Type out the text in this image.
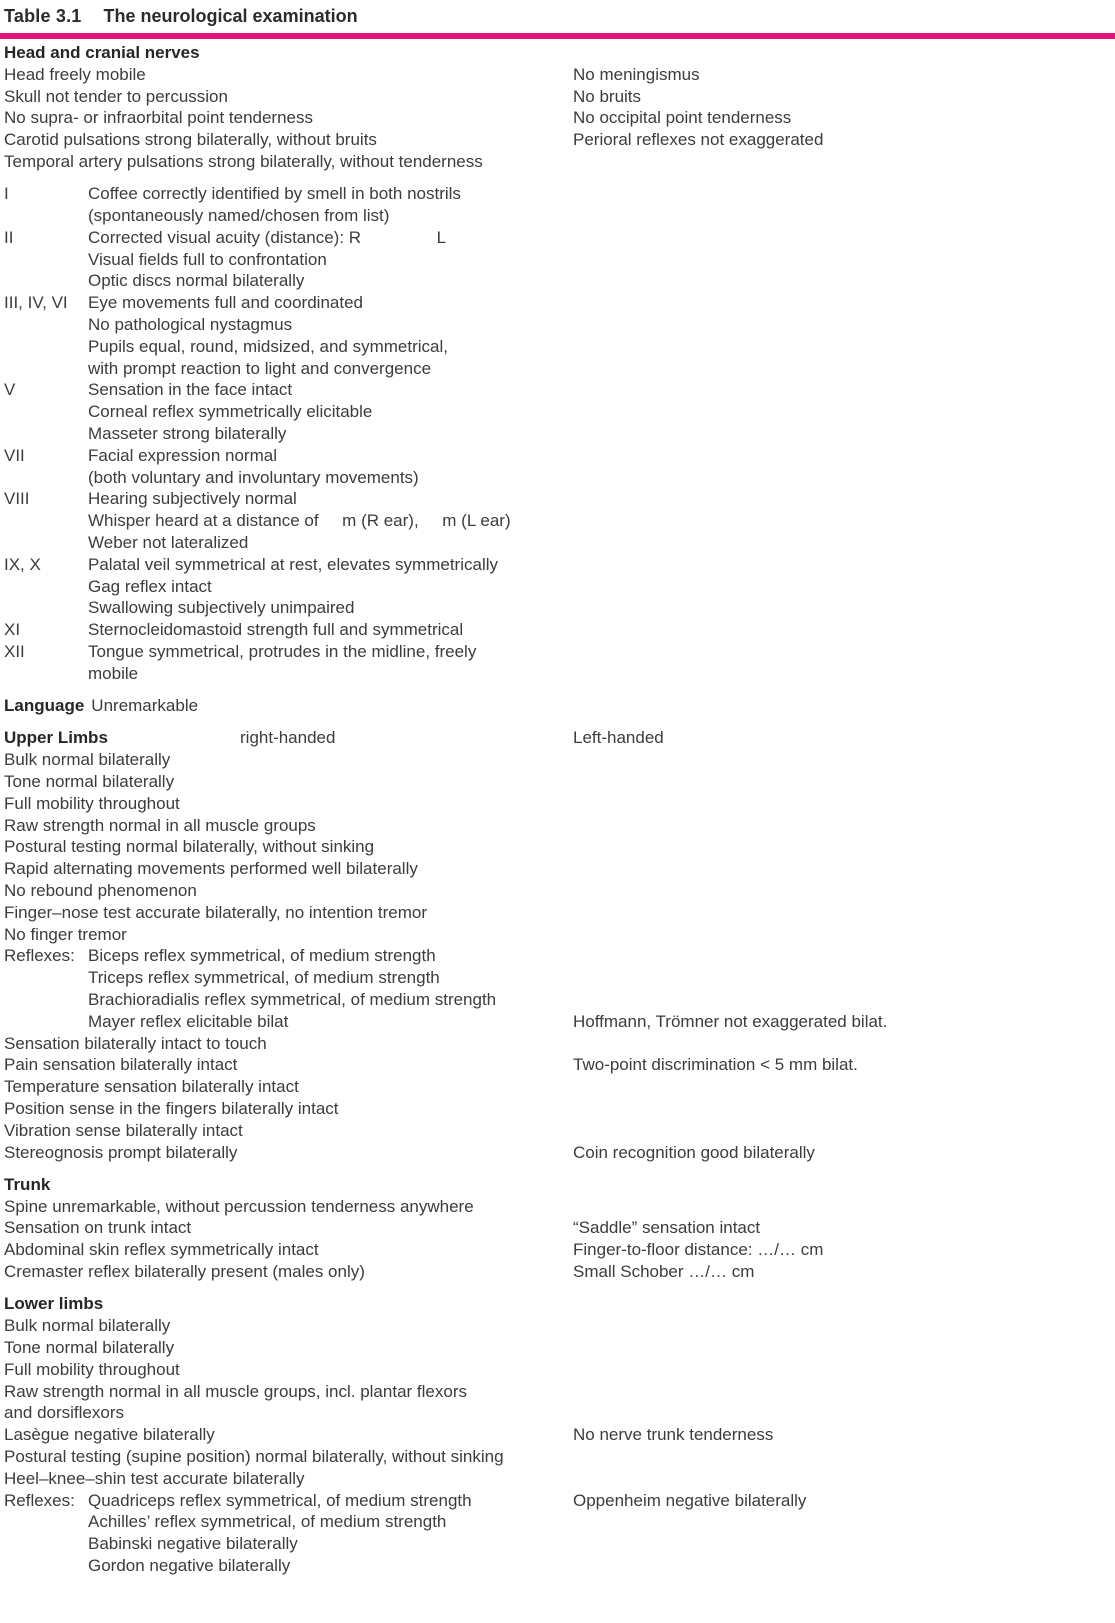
Table 3.1 The neurological examination
Head and cranial nerves
Head freely mobile	No meningismus
Skull not tender to percussion	No bruits
No supra- or infraorbital point tenderness	No occipital point tenderness
Carotid pulsations strong bilaterally, without bruits	Perioral reflexes not exaggerated
Temporal artery pulsations strong bilaterally, without tenderness
I	Coffee correctly identified by smell in both nostrils
(spontaneously named/chosen from list)
II	Corrected visual acuity (distance): R                L
Visual fields full to confrontation
Optic discs normal bilaterally
III, IV, VI Eye movements full and coordinated
No pathological nystagmus
Pupils equal, round, midsized, and symmetrical,
with prompt reaction to light and convergence
V	Sensation in the face intact
Corneal reflex symmetrically elicitable
Masseter strong bilaterally
VII	Facial expression normal
(both voluntary and involuntary movements)
VIII	Hearing subjectively normal
Whisper heard at a distance of     m (R ear),     m (L ear)
Weber not lateralized
IX, X	Palatal veil symmetrical at rest, elevates symmetrically
Gag reflex intact
Swallowing subjectively unimpaired
XI	Sternocleidomastoid strength full and symmetrical
XII	Tongue symmetrical, protrudes in the midline, freely
mobile
Language Unremarkable
Upper Limbs	right-handed	Left-handed
Bulk normal bilaterally
Tone normal bilaterally
Full mobility throughout
Raw strength normal in all muscle groups
Postural testing normal bilaterally, without sinking
Rapid alternating movements performed well bilaterally
No rebound phenomenon
Finger–nose test accurate bilaterally, no intention tremor
No finger tremor
Reflexes: Biceps reflex symmetrical, of medium strength
Triceps reflex symmetrical, of medium strength
Brachioradialis reflex symmetrical, of medium strength
Mayer reflex elicitable bilat	Hoffmann, Trömner not exaggerated bilat.
Sensation bilaterally intact to touch
Pain sensation bilaterally intact	Two-point discrimination < 5 mm bilat.
Temperature sensation bilaterally intact
Position sense in the fingers bilaterally intact
Vibration sense bilaterally intact
Stereognosis prompt bilaterally	Coin recognition good bilaterally
Trunk
Spine unremarkable, without percussion tenderness anywhere
Sensation on trunk intact	“Saddle” sensation intact
Abdominal skin reflex symmetrically intact	Finger-to-floor distance: …/… cm
Cremaster reflex bilaterally present (males only)	Small Schober …/… cm
Lower limbs
Bulk normal bilaterally
Tone normal bilaterally
Full mobility throughout
Raw strength normal in all muscle groups, incl. plantar flexors
and dorsiflexors
Lasègue negative bilaterally	No nerve trunk tenderness
Postural testing (supine position) normal bilaterally, without sinking
Heel–knee–shin test accurate bilaterally
Reflexes: Quadriceps reflex symmetrical, of medium strength	Oppenheim negative bilaterally
Achilles’ reflex symmetrical, of medium strength
Babinski negative bilaterally
Gordon negative bilaterally
